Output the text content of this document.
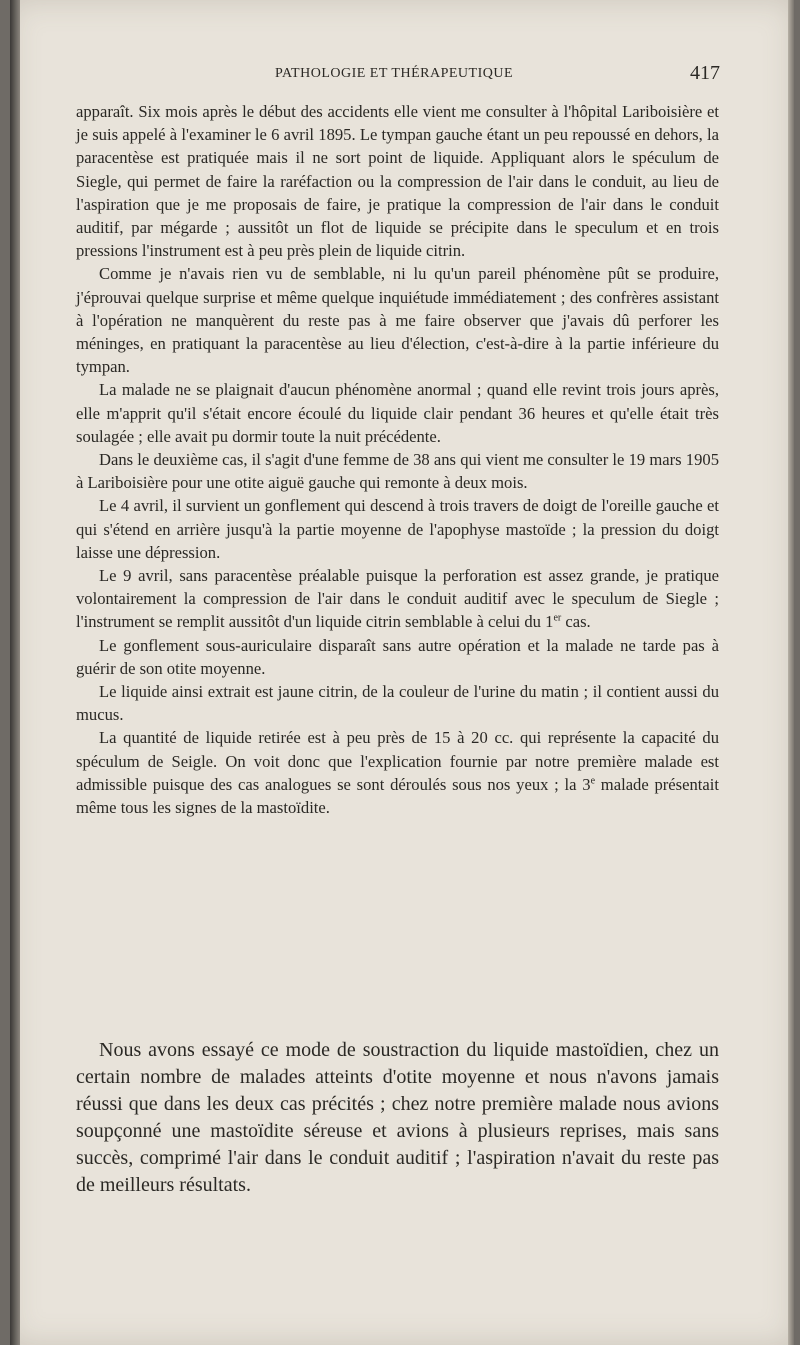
PATHOLOGIE ET THÉRAPEUTIQUE	417

apparaît. Six mois après le début des accidents elle vient me consulter à l'hôpital Lariboisière et je suis appelé à l'examiner le 6 avril 1895. Le tympan gauche étant un peu repoussé en dehors, la paracentèse est pratiquée mais il ne sort point de liquide. Appliquant alors le spéculum de Siegle, qui permet de faire la raréfaction ou la compression de l'air dans le conduit, au lieu de l'aspiration que je me proposais de faire, je pratique la compression de l'air dans le conduit auditif, par mégarde ; aussitôt un flot de liquide se précipite dans le speculum et en trois pressions l'instrument est à peu près plein de liquide citrin.

Comme je n'avais rien vu de semblable, ni lu qu'un pareil phénomène pût se produire, j'éprouvai quelque surprise et même quelque inquiétude immédiatement ; des confrères assistant à l'opération ne manquèrent du reste pas à me faire observer que j'avais dû perforer les méninges, en pratiquant la paracentèse au lieu d'élection, c'est-à-dire à la partie inférieure du tympan.

La malade ne se plaignait d'aucun phénomène anormal ; quand elle revint trois jours après, elle m'apprit qu'il s'était encore écoulé du liquide clair pendant 36 heures et qu'elle était très soulagée ; elle avait pu dormir toute la nuit précédente.

Dans le deuxième cas, il s'agit d'une femme de 38 ans qui vient me consulter le 19 mars 1905 à Lariboisière pour une otite aiguë gauche qui remonte à deux mois.

Le 4 avril, il survient un gonflement qui descend à trois travers de doigt de l'oreille gauche et qui s'étend en arrière jusqu'à la partie moyenne de l'apophyse mastoïde ; la pression du doigt laisse une dépression.

Le 9 avril, sans paracentèse préalable puisque la perforation est assez grande, je pratique volontairement la compression de l'air dans le conduit auditif avec le speculum de Siegle ; l'instrument se remplit aussitôt d'un liquide citrin semblable à celui du 1er cas.

Le gonflement sous-auriculaire disparaît sans autre opération et la malade ne tarde pas à guérir de son otite moyenne.

Le liquide ainsi extrait est jaune citrin, de la couleur de l'urine du matin ; il contient aussi du mucus.

La quantité de liquide retirée est à peu près de 15 à 20 cc. qui représente la capacité du spéculum de Seigle. On voit donc que l'explication fournie par notre première malade est admissible puisque des cas analogues se sont déroulés sous nos yeux ; la 3e malade présentait même tous les signes de la mastoïdite.

Nous avons essayé ce mode de soustraction du liquide mastoïdien, chez un certain nombre de malades atteints d'otite moyenne et nous n'avons jamais réussi que dans les deux cas précités ; chez notre première malade nous avions soupçonné une mastoïdite séreuse et avions à plusieurs reprises, mais sans succès, comprimé l'air dans le conduit auditif ; l'aspiration n'avait du reste pas de meilleurs résultats.
